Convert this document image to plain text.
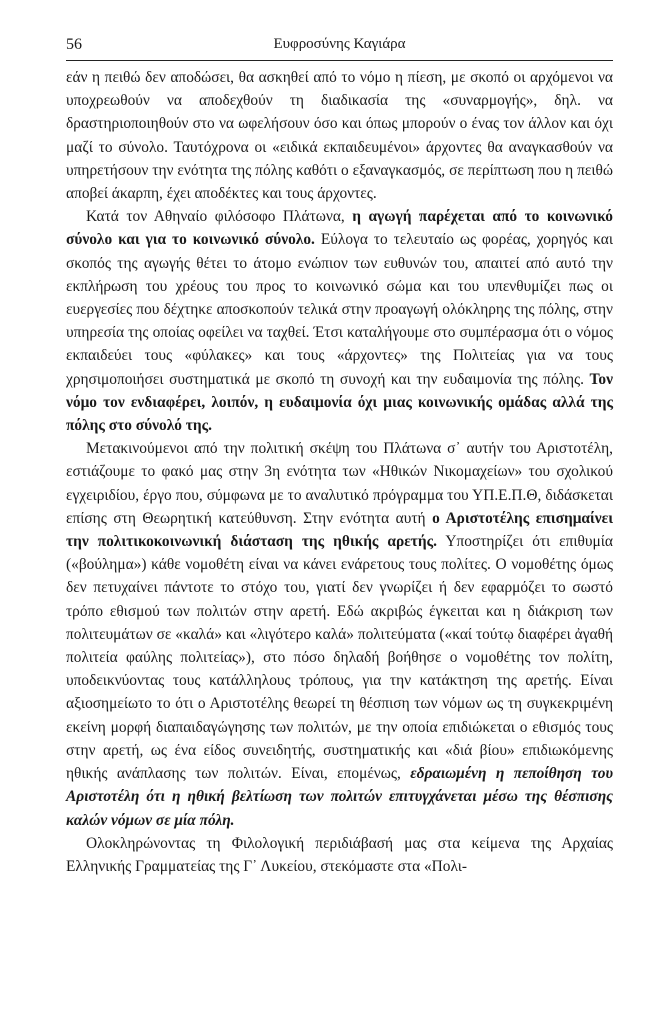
56	Ευφροσύνης Καγιάρα

εάν η πειθώ δεν αποδώσει, θα ασκηθεί από το νόμο η πίεση, με σκοπό οι αρχόμενοι να υποχρεωθούν να αποδεχθούν τη διαδικασία της «συναρμογής», δηλ. να δραστηριοποιηθούν στο να ωφελήσουν όσο και όπως μπορούν ο ένας τον άλλον και όχι μαζί το σύνολο. Ταυτόχρονα οι «ειδικά εκπαιδευμένοι» άρχοντες θα αναγκασθούν να υπηρετήσουν την ενότητα της πόλης καθότι ο εξαναγκασμός, σε περίπτωση που η πειθώ αποβεί άκαρπη, έχει αποδέκτες και τους άρχοντες.

Κατά τον Αθηναίο φιλόσοφο Πλάτωνα, η αγωγή παρέχεται από το κοινωνικό σύνολο και για το κοινωνικό σύνολο. Εύλογα το τελευταίο ως φορέας, χορηγός και σκοπός της αγωγής θέτει το άτομο ενώπιον των ευθυνών του, απαιτεί από αυτό την εκπλήρωση του χρέους του προς το κοινωνικό σώμα και του υπενθυμίζει πως οι ευεργεσίες που δέχτηκε αποσκοπούν τελικά στην προαγωγή ολόκληρης της πόλης, στην υπηρεσία της οποίας οφείλει να ταχθεί. Έτσι καταλήγουμε στο συμπέρασμα ότι ο νόμος εκπαιδεύει τους «φύλακες» και τους «άρχοντες» της Πολιτείας για να τους χρησιμοποιήσει συστηματικά με σκοπό τη συνοχή και την ευδαιμονία της πόλης. Τον νόμο τον ενδιαφέρει, λοιπόν, η ευδαιμονία όχι μιας κοινωνικής ομάδας αλλά της πόλης στο σύνολό της.

Μετακινούμενοι από την πολιτική σκέψη του Πλάτωνα σ᾽ αυτήν του Αριστοτέλη, εστιάζουμε το φακό μας στην 3η ενότητα των «Ηθικών Νικομαχείων» του σχολικού εγχειριδίου, έργο που, σύμφωνα με το αναλυτικό πρόγραμμα του ΥΠ.Ε.Π.Θ, διδάσκεται επίσης στη Θεωρητική κατεύθυνση. Στην ενότητα αυτή ο Αριστοτέλης επισημαίνει την πολιτικοκοινωνική διάσταση της ηθικής αρετής. Υποστηρίζει ότι επιθυμία («βούλημα») κάθε νομοθέτη είναι να κάνει ενάρετους τους πολίτες. Ο νομοθέτης όμως δεν πετυχαίνει πάντοτε το στόχο του, γιατί δεν γνωρίζει ή δεν εφαρμόζει το σωστό τρόπο εθισμού των πολιτών στην αρετή. Εδώ ακριβώς έγκειται και η διάκριση των πολιτευμάτων σε «καλά» και «λιγότερο καλά» πολιτεύματα («καί τούτῳ διαφέρει ἀγαθή πολιτεία φαύλης πολιτείας»), στο πόσο δηλαδή βοήθησε ο νομοθέτης τον πολίτη, υποδεικνύοντας τους κατάλληλους τρόπους, για την κατάκτηση της αρετής. Είναι αξιοσημείωτο το ότι ο Αριστοτέλης θεωρεί τη θέσπιση των νόμων ως τη συγκεκριμένη εκείνη μορφή διαπαιδαγώγησης των πολιτών, με την οποία επιδιώκεται ο εθισμός τους στην αρετή, ως ένα είδος συνειδητής, συστηματικής και «διά βίου» επιδιωκόμενης ηθικής ανάπλασης των πολιτών. Είναι, επομένως, εδραιωμένη η πεποίθηση του Αριστοτέλη ότι η ηθική βελτίωση των πολιτών επιτυγχάνεται μέσω της θέσπισης καλών νόμων σε μία πόλη.

Ολοκληρώνοντας τη Φιλολογική περιδιάβασή μας στα κείμενα της Αρχαίας Ελληνικής Γραμματείας της Γ᾽ Λυκείου, στεκόμαστε στα «Πολι-
